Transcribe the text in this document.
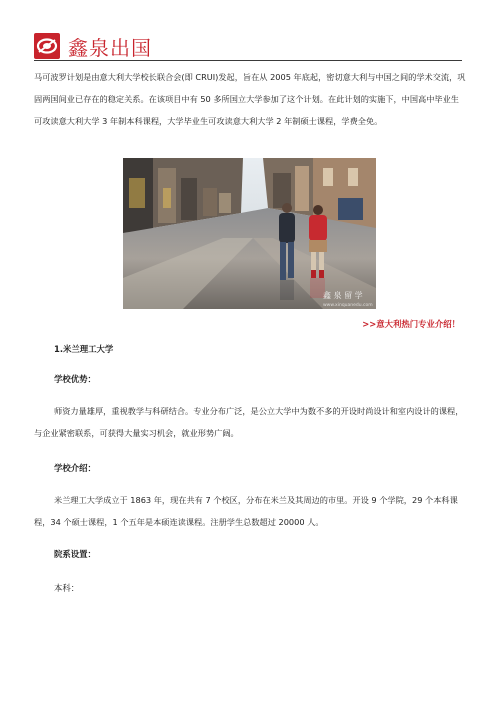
鑫泉出国

马可波罗计划是由意大利大学校长联合会(即 CRUI)发起，旨在从 2005 年底起，密切意大利与中国之间的学术交流，巩固两国间业已存在的稳定关系。在该项目中有 50 多所国立大学参加了这个计划。在此计划的实施下，中国高中毕业生可攻读意大利大学 3 年制本科课程，大学毕业生可攻读意大利大学 2 年制硕士课程，学费全免。

鑫 泉 留 学
www.xinquanedu.com
>>意大利热门专业介绍！
1.米兰理工大学
学校优势：

师资力量雄厚，重视教学与科研结合。专业分布广泛，是公立大学中为数不多的开设时尚设计和室内设计的课程，与企业紧密联系，可获得大量实习机会，就业形势广阔。

学校介绍：

米兰理工大学成立于 1863 年，现在共有 7 个校区，分布在米兰及其周边的市里。开设 9 个学院，29 个本科课程，34 个硕士课程，1 个五年是本硕连读课程。注册学生总数超过 20000 人。

院系设置：
本科：
